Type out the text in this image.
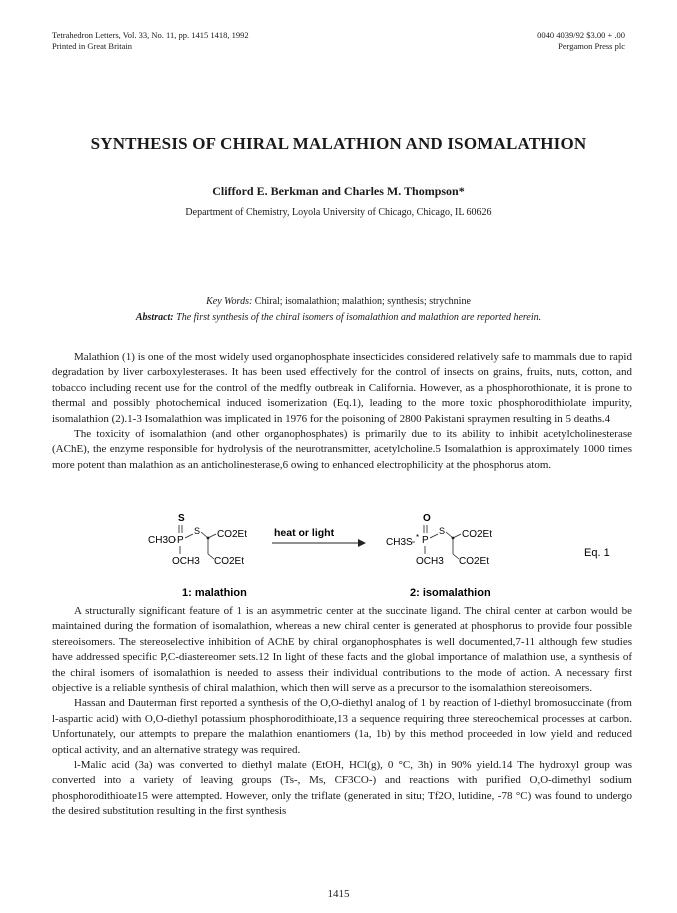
Tetrahedron Letters, Vol. 33, No. 11, pp. 1415 1418, 1992
Printed in Great Britain
0040 4039/92 $3.00 + .00
Pergamon Press plc
SYNTHESIS OF CHIRAL MALATHION AND ISOMALATHION
Clifford E. Berkman and Charles M. Thompson*
Department of Chemistry, Loyola University of Chicago, Chicago, IL 60626
Key Words: Chiral; isomalathion; malathion; synthesis; strychnine
Abstract: The first synthesis of the chiral isomers of isomalathion and malathion are reported herein.

Malathion (1) is one of the most widely used organophosphate insecticides considered relatively safe to mammals due to rapid degradation by liver carboxylesterases. It has been used effectively for the control of insects on grains, fruits, nuts, cotton, and tobacco including recent use for the control of the medfly outbreak in California. However, as a phosphorothionate, it is prone to thermal and possibly photochemical induced isomerization (Eq.1), leading to the more toxic phosphorodithiolate impurity, isomalathion (2).1-3 Isomalathion was implicated in 1976 for the poisoning of 2800 Pakistani spraymen resulting in 5 deaths.4

The toxicity of isomalathion (and other organophosphates) is primarily due to its ability to inhibit acetylcholinesterase (AChE), the enzyme responsible for hydrolysis of the neurotransmitter, acetylcholine.5 Isomalathion is approximately 1000 times more potent than malathion as an anticholinesterase,6 owing to enhanced electrophilicity at the phosphorus atom.

S
CH3O P
S CO2Et
OCH3 CO2Et
heat or light
O
CH3S * P
S CO2Et
OCH3 CO2Et
Eq. 1
1: malathion	2: isomalathion

A structurally significant feature of 1 is an asymmetric center at the succinate ligand. The chiral center at carbon would be maintained during the formation of isomalathion, whereas a new chiral center is generated at phosphorus to provide four possible stereoisomers. The stereoselective inhibition of AChE by chiral organophosphates is well documented,7-11 although few studies have addressed specific P,C-diastereomer sets.12 In light of these facts and the global importance of malathion use, a synthesis of the chiral isomers of isomalathion is needed to assess their individual contributions to the mode of action. A necessary first objective is a reliable synthesis of chiral malathion, which then will serve as a precursor to the isomalathion stereoisomers.

Hassan and Dauterman first reported a synthesis of the O,O-diethyl analog of 1 by reaction of l-diethyl bromosuccinate (from l-aspartic acid) with O,O-diethyl potassium phosphorodithioate,13 a sequence requiring three stereochemical processes at carbon. Unfortunately, our attempts to prepare the malathion enantiomers (1a, 1b) by this method proceeded in low yield and reduced optical activity, and an alternative strategy was required.

l-Malic acid (3a) was converted to diethyl malate (EtOH, HCl(g), 0 °C, 3h) in 90% yield.14 The hydroxyl group was converted into a variety of leaving groups (Ts-, Ms, CF3CO-) and reactions with purified O,O-dimethyl sodium phosphorodithioate15 were attempted. However, only the triflate (generated in situ; Tf2O, lutidine, -78 °C) was found to undergo the desired substitution resulting in the first synthesis

1415
